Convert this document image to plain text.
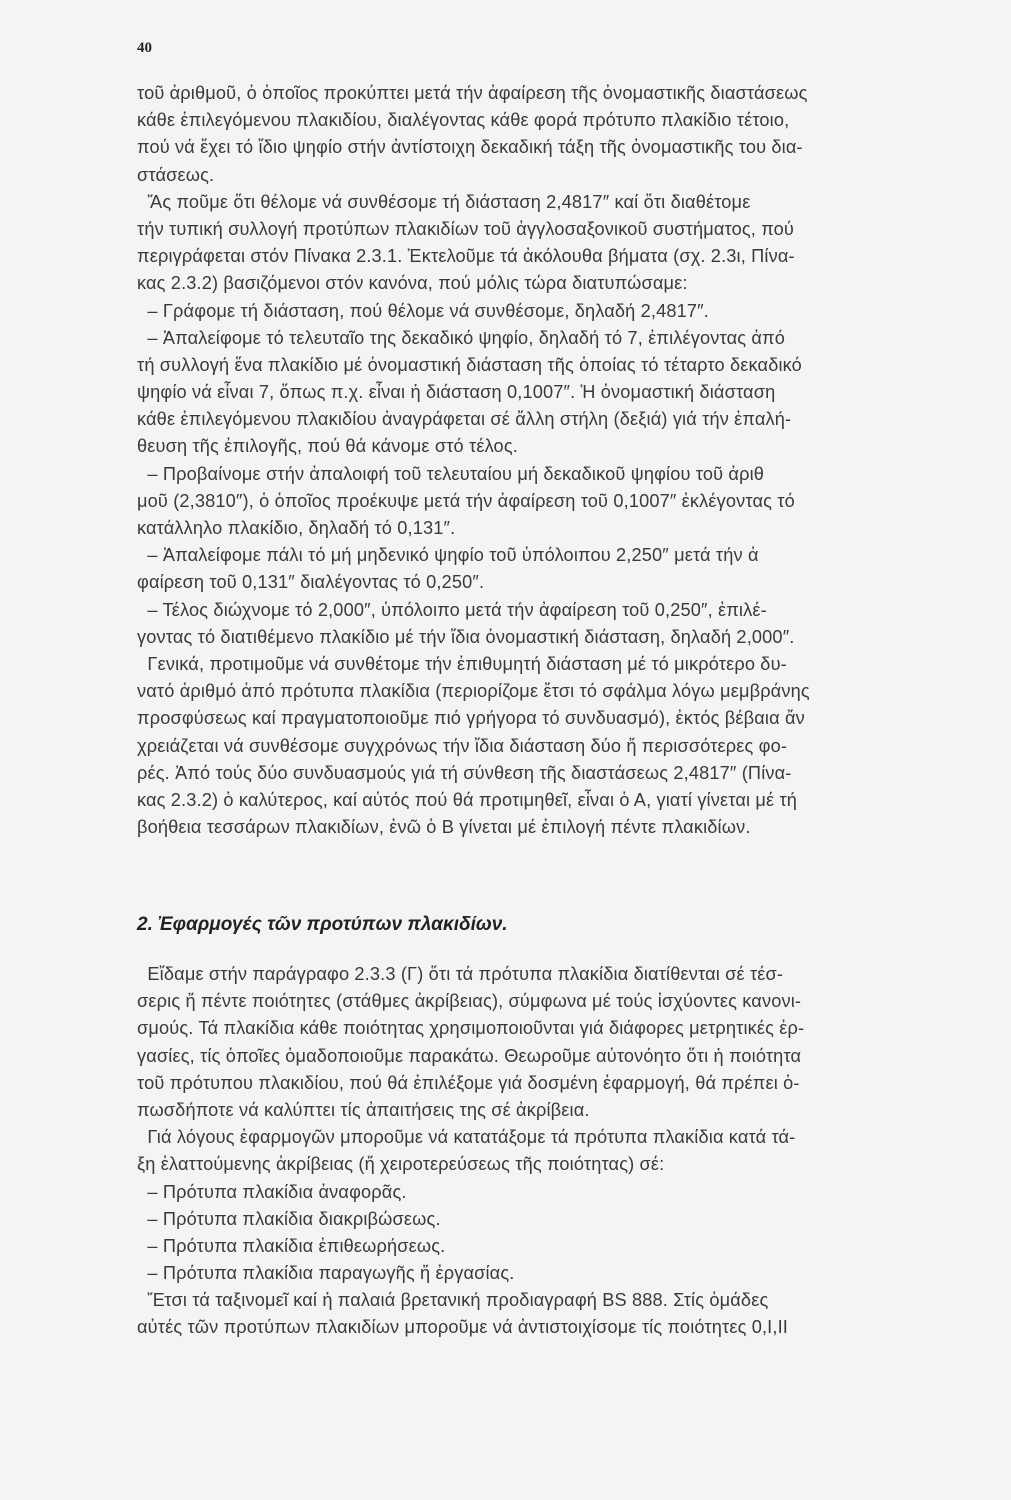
40
τοῦ ἀριθμοῦ, ὁ ὁποῖος προκύπτει μετά τήν ἀφαίρεση τῆς ὀνομαστικῆς διαστάσεως
κάθε ἐπιλεγόμενου πλακιδίου, διαλέγοντας κάθε φορά πρότυπο πλακίδιο τέτοιο,
πού νά ἔχει τό ἴδιο ψηφίο στήν ἀντίστοιχη δεκαδική τάξη τῆς ὀνομαστικῆς του δια-
στάσεως.
Ἄς ποῦμε ὅτι θέλομε νά συνθέσομε τή διάσταση 2,4817″ καί ὅτι διαθέτομε
τήν τυπική συλλογή προτύπων πλακιδίων τοῦ ἀγγλοσαξονικοῦ συστήματος, πού
περιγράφεται στόν Πίνακα 2.3.1. Ἐκτελοῦμε τά ἀκόλουθα βήματα (σχ. 2.3ι, Πίνα-
κας 2.3.2) βασιζόμενοι στόν κανόνα, πού μόλις τώρα διατυπώσαμε:
– Γράφομε τή διάσταση, πού θέλομε νά συνθέσομε, δηλαδή 2,4817″.
– Ἀπαλείφομε τό τελευταῖο της δεκαδικό ψηφίο, δηλαδή τό 7, ἐπιλέγοντας ἀπό
τή συλλογή ἕνα πλακίδιο μέ ὀνομαστική διάσταση τῆς ὁποίας τό τέταρτο δεκαδικό
ψηφίο νά εἶναι 7, ὅπως π.χ. εἶναι ἡ διάσταση 0,1007″. Ἡ ὀνομαστική διάσταση
κάθε ἐπιλεγόμενου πλακιδίου ἀναγράφεται σέ ἄλλη στήλη (δεξιά) γιά τήν ἐπαλή-
θευση τῆς ἐπιλογῆς, πού θά κάνομε στό τέλος.
– Προβαίνομε στήν ἀπαλοιφή τοῦ τελευταίου μή δεκαδικοῦ ψηφίου τοῦ ἀριθ
μοῦ (2,3810″), ὁ ὁποῖος προέκυψε μετά τήν ἀφαίρεση τοῦ 0,1007″ ἐκλέγοντας τό
κατάλληλο πλακίδιο, δηλαδή τό 0,131″.
– Ἀπαλείφομε πάλι τό μή μηδενικό ψηφίο τοῦ ὑπόλοιπου 2,250″ μετά τήν ἀ
φαίρεση τοῦ 0,131″ διαλέγοντας τό 0,250″.
– Τέλος διώχνομε τό 2,000″, ὑπόλοιπο μετά τήν ἀφαίρεση τοῦ 0,250″, ἐπιλέ-
γοντας τό διατιθέμενο πλακίδιο μέ τήν ἴδια ὀνομαστική διάσταση, δηλαδή 2,000″.
Γενικά, προτιμοῦμε νά συνθέτομε τήν ἐπιθυμητή διάσταση μέ τό μικρότερο δυ-
νατό ἀριθμό ἀπό πρότυπα πλακίδια (περιορίζομε ἔτσι τό σφάλμα λόγω μεμβράνης
προσφύσεως καί πραγματοποιοῦμε πιό γρήγορα τό συνδυασμό), ἐκτός βέβαια ἄν
χρειάζεται νά συνθέσομε συγχρόνως τήν ἴδια διάσταση δύο ἤ περισσότερες φο-
ρές. Ἀπό τούς δύο συνδυασμούς γιά τή σύνθεση τῆς διαστάσεως 2,4817″ (Πίνα-
κας 2.3.2) ὁ καλύτερος, καί αὐτός πού θά προτιμηθεῖ, εἶναι ὁ Α, γιατί γίνεται μέ τή
βοήθεια τεσσάρων πλακιδίων, ἐνῶ ὁ Β γίνεται μέ ἐπιλογή πέντε πλακιδίων.
2. Ἐφαρμογές τῶν προτύπων πλακιδίων.
Εἴδαμε στήν παράγραφο 2.3.3 (Γ) ὅτι τά πρότυπα πλακίδια διατίθενται σέ τέσ-
σερις ἤ πέντε ποιότητες (στάθμες ἀκρίβειας), σύμφωνα μέ τούς ἰσχύοντες κανονι-
σμούς. Τά πλακίδια κάθε ποιότητας χρησιμοποιοῦνται γιά διάφορες μετρητικές ἐρ-
γασίες, τίς ὁποῖες ὁμαδοποιοῦμε παρακάτω. Θεωροῦμε αὐτονόητο ὅτι ἡ ποιότητα
τοῦ πρότυπου πλακιδίου, πού θά ἐπιλέξομε γιά δοσμένη ἐφαρμογή, θά πρέπει ὁ-
πωσδήποτε νά καλύπτει τίς ἀπαιτήσεις της σέ ἀκρίβεια.
Γιά λόγους ἐφαρμογῶν μποροῦμε νά κατατάξομε τά πρότυπα πλακίδια κατά τά-
ξη ἐλαττούμενης ἀκρίβειας (ἤ χειροτερεύσεως τῆς ποιότητας) σέ:
– Πρότυπα πλακίδια ἀναφορᾶς.
– Πρότυπα πλακίδια διακριβώσεως.
– Πρότυπα πλακίδια ἐπιθεωρήσεως.
– Πρότυπα πλακίδια παραγωγῆς ἤ ἐργασίας.
Ἔτσι τά ταξινομεῖ καί ἡ παλαιά βρετανική προδιαγραφή BS 888. Στίς ὁμάδες
αὐτές τῶν προτύπων πλακιδίων μποροῦμε νά ἀντιστοιχίσομε τίς ποιότητες 0,Ι,ΙΙ
